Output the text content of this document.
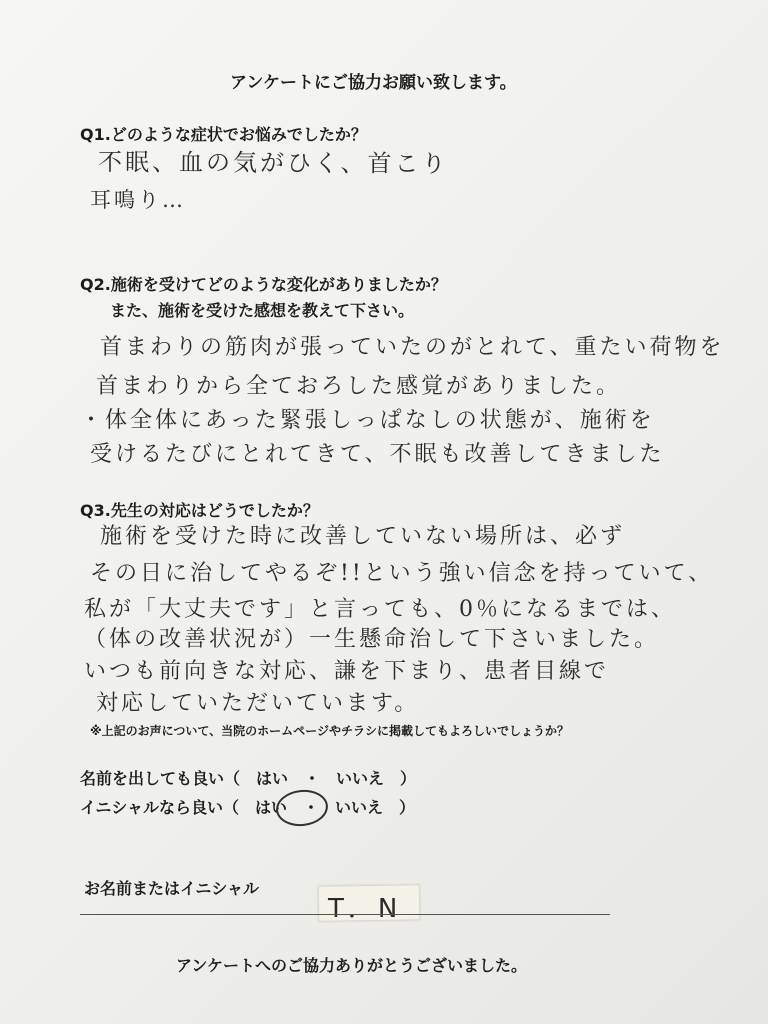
アンケートにご協力お願い致します。
Q1.どのような症状でお悩みでしたか？
不眠、血の気がひく、首こり
耳鳴り…
Q2.施術を受けてどのような変化がありましたか？
また、施術を受けた感想を教えて下さい。
首まわりの筋肉が張っていたのがとれて、重たい荷物を
首まわりから全ておろした感覚がありました。
・体全体にあった緊張しっぱなしの状態が、施術を
受けるたびにとれてきて、不眠も改善してきました
Q3.先生の対応はどうでしたか？
施術を受けた時に改善していない場所は、必ず
その日に治してやるぞ!!という強い信念を持っていて、
私が「大丈夫です」と言っても、0％になるまでは、
（体の改善状況が）一生懸命治して下さいました。
いつも前向きな対応、謙を下まり、患者目線で
対応していただいています。
※上記のお声について、当院のホームページやチラシに掲載してもよろしいでしょうか？
名前を出しても良い（　はい　・　いいえ　）
イニシャルなら良い（　はい　・　いいえ　）
お名前またはイニシャル
T．N
アンケートへのご協力ありがとうございました。
